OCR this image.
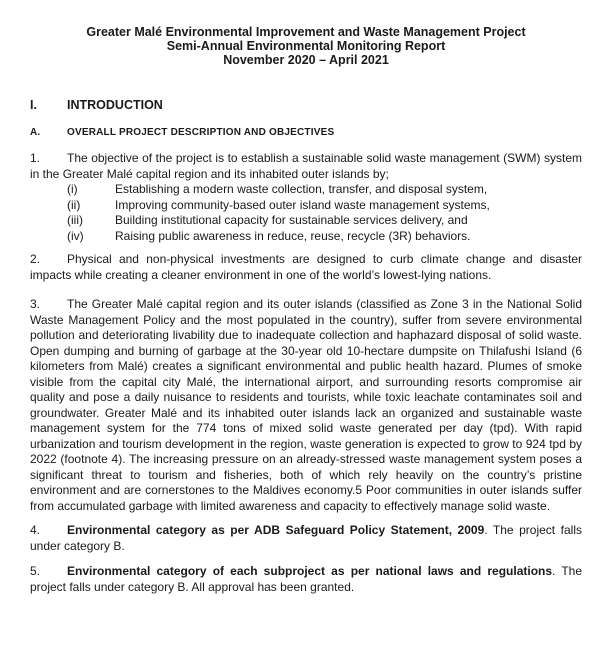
Greater Malé Environmental Improvement and Waste Management Project
Semi-Annual Environmental Monitoring Report
November 2020 – April 2021
I. INTRODUCTION
A.	OVERALL PROJECT DESCRIPTION AND OBJECTIVES
1. The objective of the project is to establish a sustainable solid waste management (SWM) system in the Greater Malé capital region and its inhabited outer islands by;
(i)	Establishing a modern waste collection, transfer, and disposal system,
(ii)	Improving community-based outer island waste management systems,
(iii)	Building institutional capacity for sustainable services delivery, and
(iv)	Raising public awareness in reduce, reuse, recycle (3R) behaviors.
2. Physical and non-physical investments are designed to curb climate change and disaster impacts while creating a cleaner environment in one of the world’s lowest-lying nations.
3. The Greater Malé capital region and its outer islands (classified as Zone 3 in the National Solid Waste Management Policy and the most populated in the country), suffer from severe environmental pollution and deteriorating livability due to inadequate collection and haphazard disposal of solid waste. Open dumping and burning of garbage at the 30-year old 10-hectare dumpsite on Thilafushi Island (6 kilometers from Malé) creates a significant environmental and public health hazard. Plumes of smoke visible from the capital city Malé, the international airport, and surrounding resorts compromise air quality and pose a daily nuisance to residents and tourists, while toxic leachate contaminates soil and groundwater. Greater Malé and its inhabited outer islands lack an organized and sustainable waste management system for the 774 tons of mixed solid waste generated per day (tpd). With rapid urbanization and tourism development in the region, waste generation is expected to grow to 924 tpd by 2022 (footnote 4). The increasing pressure on an already-stressed waste management system poses a significant threat to tourism and fisheries, both of which rely heavily on the country’s pristine environment and are cornerstones to the Maldives economy.5 Poor communities in outer islands suffer from accumulated garbage with limited awareness and capacity to effectively manage solid waste.
4. Environmental category as per ADB Safeguard Policy Statement, 2009. The project falls under category B.
5. Environmental category of each subproject as per national laws and regulations. The project falls under category B. All approval has been granted.
